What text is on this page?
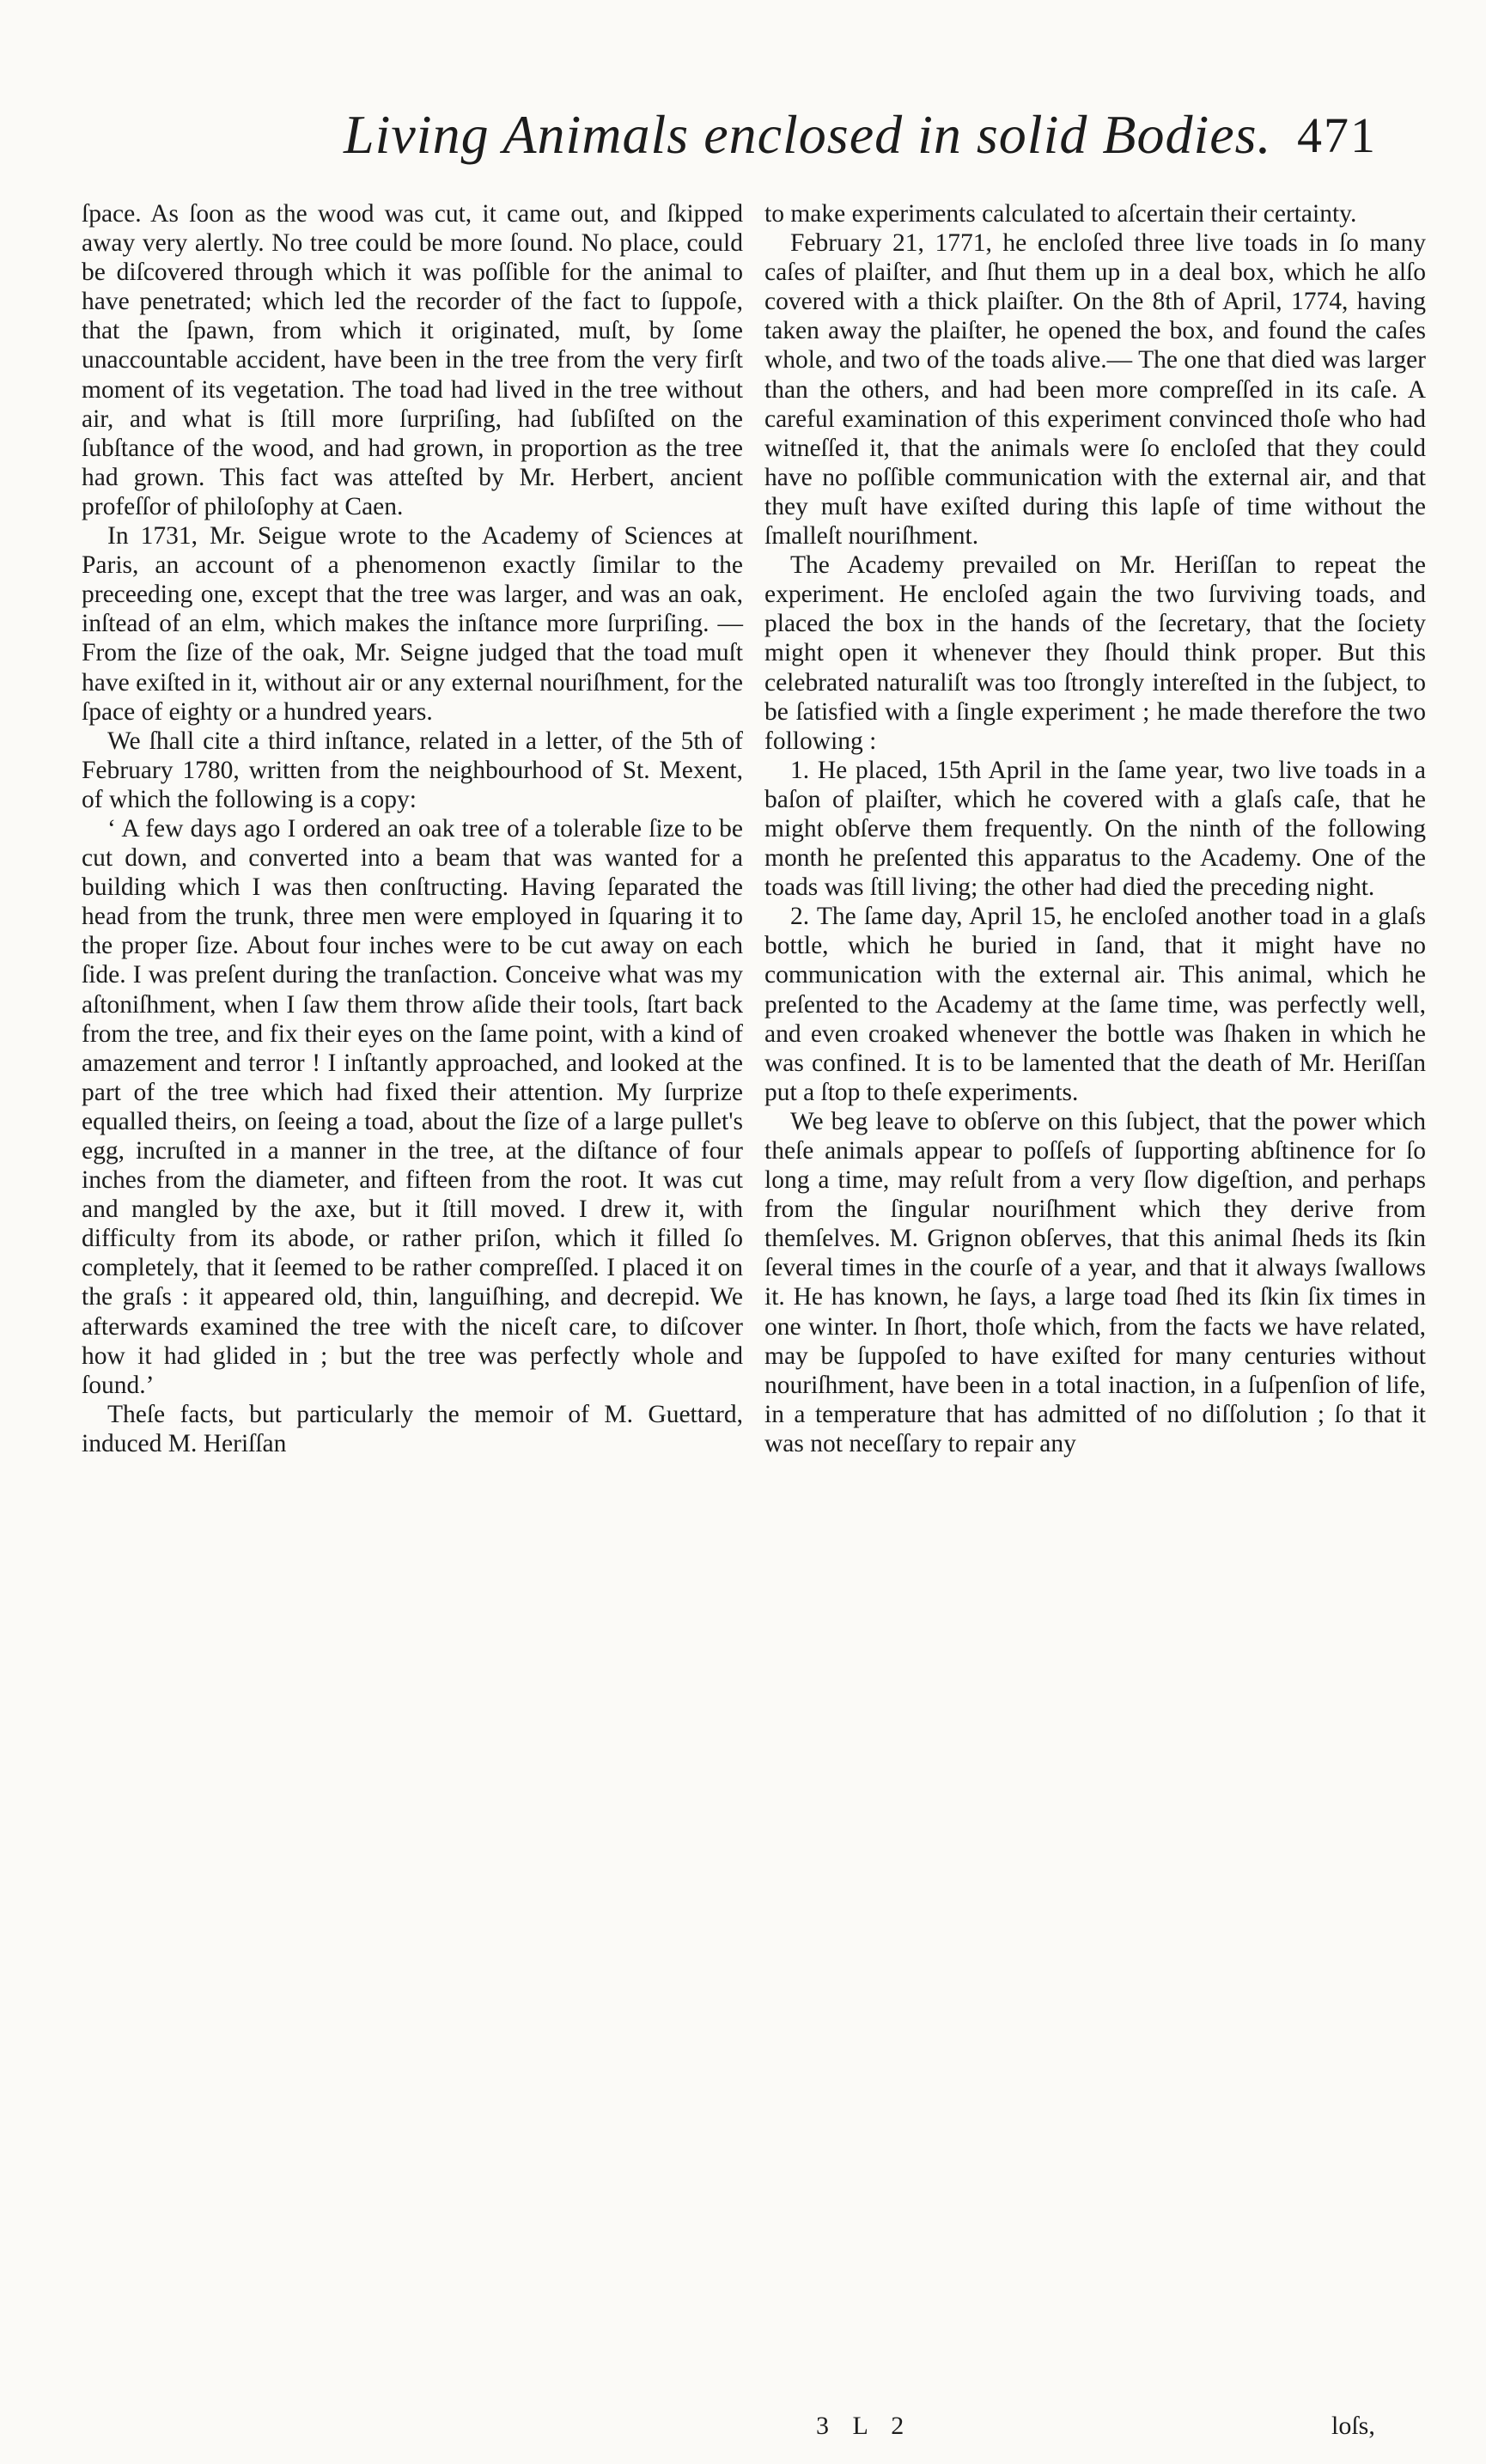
Living Animals enclosed in solid Bodies. 471

ſpace. As ſoon as the wood was cut, it came out, and ſkipped away very alertly. No tree could be more ſound. No place, could be diſcovered through which it was poſſible for the animal to have penetrated; which led the recorder of the fact to ſuppoſe, that the ſpawn, from which it originated, muſt, by ſome unaccountable accident, have been in the tree from the very firſt moment of its vegetation. The toad had lived in the tree without air, and what is ſtill more ſurpriſing, had ſubſiſted on the ſubſtance of the wood, and had grown, in proportion as the tree had grown. This fact was atteſted by Mr. Herbert, ancient profeſſor of philoſophy at Caen.

In 1731, Mr. Seigue wrote to the Academy of Sciences at Paris, an account of a phenomenon exactly ſimilar to the preceeding one, except that the tree was larger, and was an oak, inſtead of an elm, which makes the inſtance more ſurpriſing. —From the ſize of the oak, Mr. Seigne judged that the toad muſt have exiſted in it, without air or any external nouriſhment, for the ſpace of eighty or a hundred years.

We ſhall cite a third inſtance, related in a letter, of the 5th of February 1780, written from the neighbourhood of St. Mexent, of which the following is a copy:

‘ A few days ago I ordered an oak tree of a tolerable ſize to be cut down, and converted into a beam that was wanted for a building which I was then conſtructing. Having ſeparated the head from the trunk, three men were employed in ſquaring it to the proper ſize. About four inches were to be cut away on each ſide. I was preſent during the tranſaction. Conceive what was my aſtoniſhment, when I ſaw them throw aſide their tools, ſtart back from the tree, and fix their eyes on the ſame point, with a kind of amazement and terror ! I inſtantly approached, and looked at the part of the tree which had fixed their attention. My ſurprize equalled theirs, on ſeeing a toad, about the ſize of a large pullet's egg, incruſted in a manner in the tree, at the diſtance of four inches from the diameter, and fifteen from the root. It was cut and mangled by the axe, but it ſtill moved. I drew it, with difficulty from its abode, or rather priſon, which it filled ſo completely, that it ſeemed to be rather compreſſed. I placed it on the graſs : it appeared old, thin, languiſhing, and decrepid. We afterwards examined the tree with the niceſt care, to diſcover how it had glided in ; but the tree was perfectly whole and ſound.’

Theſe facts, but particularly the memoir of M. Guettard, induced M. Heriſſan

to make experiments calculated to aſcertain their certainty.

February 21, 1771, he encloſed three live toads in ſo many caſes of plaiſter, and ſhut them up in a deal box, which he alſo covered with a thick plaiſter. On the 8th of April, 1774, having taken away the plaiſter, he opened the box, and found the caſes whole, and two of the toads alive.— The one that died was larger than the others, and had been more compreſſed in its caſe. A careful examination of this experiment convinced thoſe who had witneſſed it, that the animals were ſo encloſed that they could have no poſſible communication with the external air, and that they muſt have exiſted during this lapſe of time without the ſmalleſt nouriſhment.

The Academy prevailed on Mr. Heriſſan to repeat the experiment. He encloſed again the two ſurviving toads, and placed the box in the hands of the ſecretary, that the ſociety might open it whenever they ſhould think proper. But this celebrated naturaliſt was too ſtrongly intereſted in the ſubject, to be ſatisfied with a ſingle experiment ; he made therefore the two following :

1. He placed, 15th April in the ſame year, two live toads in a baſon of plaiſter, which he covered with a glaſs caſe, that he might obſerve them frequently. On the ninth of the following month he preſented this apparatus to the Academy. One of the toads was ſtill living; the other had died the preceding night.

2. The ſame day, April 15, he encloſed another toad in a glaſs bottle, which he buried in ſand, that it might have no communication with the external air. This animal, which he preſented to the Academy at the ſame time, was perfectly well, and even croaked whenever the bottle was ſhaken in which he was confined. It is to be lamented that the death of Mr. Heriſſan put a ſtop to theſe experiments.

We beg leave to obſerve on this ſubject, that the power which theſe animals appear to poſſeſs of ſupporting abſtinence for ſo long a time, may reſult from a very ſlow digeſtion, and perhaps from the ſingular nouriſhment which they derive from themſelves. M. Grignon obſerves, that this animal ſheds its ſkin ſeveral times in the courſe of a year, and that it always ſwallows it. He has known, he ſays, a large toad ſhed its ſkin ſix times in one winter. In ſhort, thoſe which, from the facts we have related, may be ſuppoſed to have exiſted for many centuries without nouriſhment, have been in a total inaction, in a ſuſpenſion of life, in a temperature that has admitted of no diſſolution ; ſo that it was not neceſſary to repair any

3 L 2	loſs,
